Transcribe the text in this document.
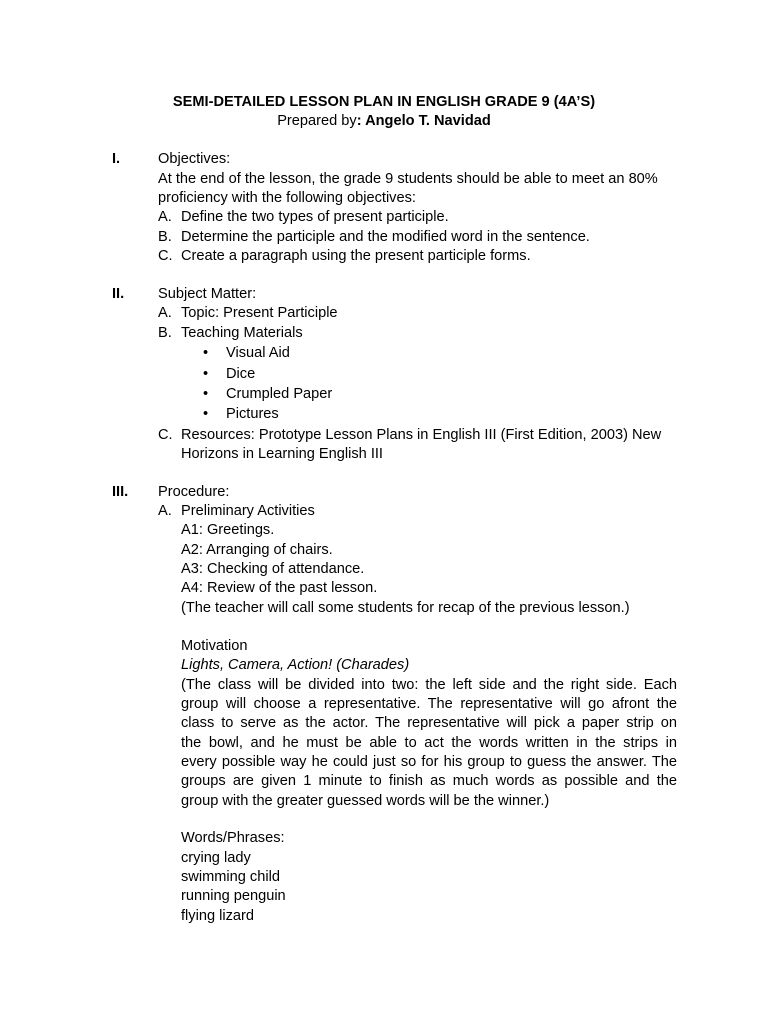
SEMI-DETAILED LESSON PLAN IN ENGLISH GRADE 9 (4A’S)
Prepared by: Angelo T. Navidad
I.	Objectives:
At the end of the lesson, the grade 9 students should be able to meet an 80%
proficiency with the following objectives:
A. Define the two types of present participle.
B. Determine the participle and the modified word in the sentence.
C. Create a paragraph using the present participle forms.
II. Subject Matter:
A. Topic: Present Participle
B. Teaching Materials
• Visual Aid
• Dice
• Crumpled Paper
• Pictures
C. Resources: Prototype Lesson Plans in English III (First Edition, 2003) New
Horizons in Learning English III
III. Procedure:
A. Preliminary Activities
A1: Greetings.
A2: Arranging of chairs.
A3: Checking of attendance.
A4: Review of the past lesson.
(The teacher will call some students for recap of the previous lesson.)
Motivation
Lights, Camera, Action! (Charades)
(The class will be divided into two: the left side and the right side. Each
group will choose a representative. The representative will go afront the
class to serve as the actor. The representative will pick a paper strip on
the bowl, and he must be able to act the words written in the strips in
every possible way he could just so for his group to guess the answer. The
groups are given 1 minute to finish as much words as possible and the
group with the greater guessed words will be the winner.)
Words/Phrases:
crying lady
swimming child
running penguin
flying lizard
